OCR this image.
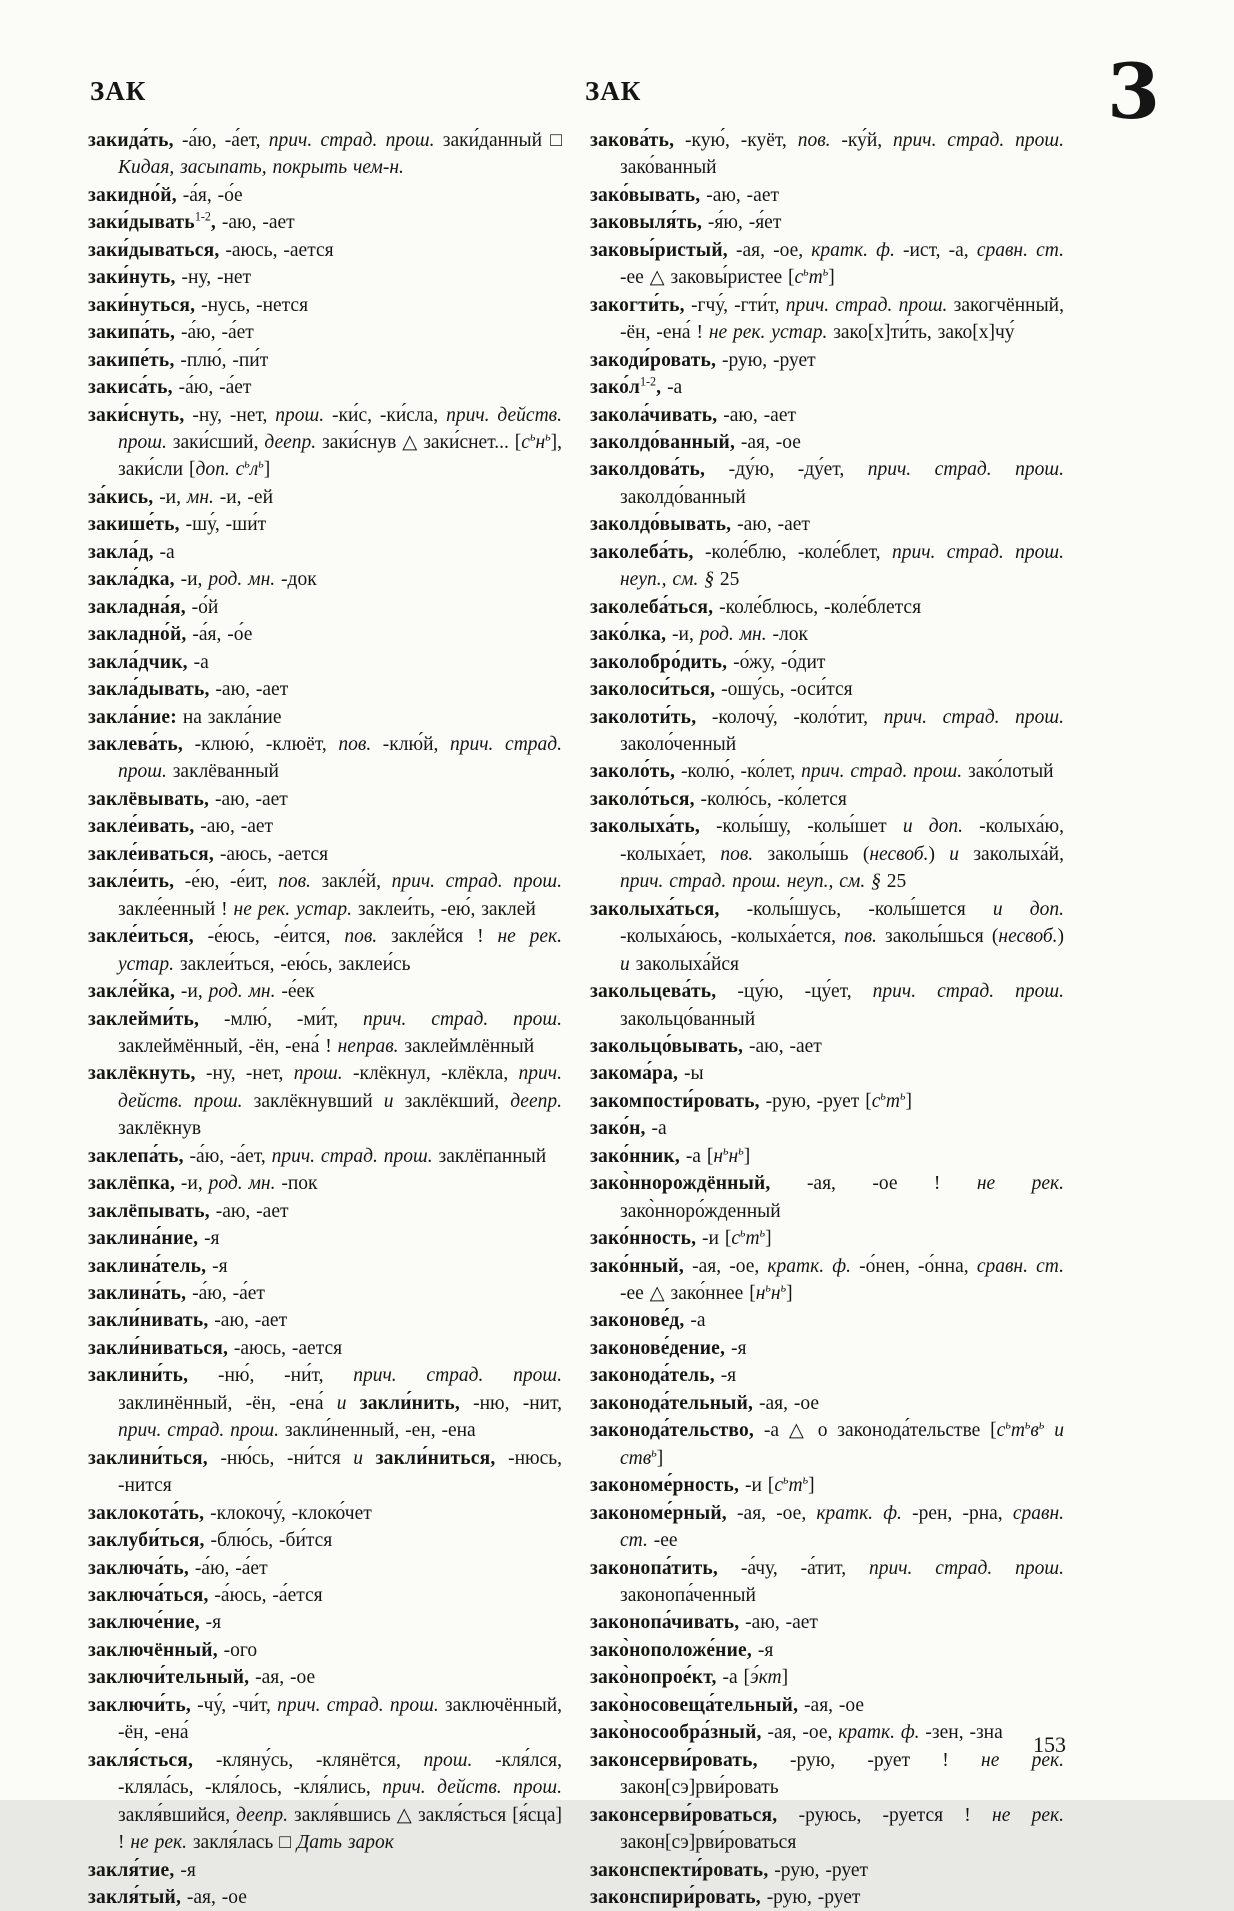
ЗАК	ЗАК	3

закида́ть, -а́ю, -а́ет, прич. страд. прош. заки́данный □ Кидая, засыпать, покрыть чем-н.

закидно́й, -а́я, -о́е

заки́дывать$^{1-2}$, -аю, -ает

заки́дываться, -аюсь, -ается

заки́нуть, -ну, -нет

заки́нуться, -нусь, -нется

закипа́ть, -а́ю, -а́ет

закипе́ть, -плю́, -пи́т

закиса́ть, -а́ю, -а́ет

заки́снуть, -ну, -нет, прош. -ки́с, -ки́сла, прич. действ. прош. заки́сший, деепр. заки́снув △ заки́снет... $[с^ьн^ь]$, заки́сли [доп. $с^ьл^ь$]

за́кись, -и, мн. -и, -ей

закише́ть, -шу́, -ши́т

закла́д, -а

закла́дка, -и, род. мн. -док

закладна́я, -о́й

закладно́й, -а́я, -о́е

закла́дчик, -а

закла́дывать, -аю, -ает

закла́ние: на закла́ние

заклева́ть, -клюю́, -клюёт, пов. -клю́й, прич. страд. прош. заклёванный

заклёвывать, -аю, -ает

закле́ивать, -аю, -ает

закле́иваться, -аюсь, -ается

закле́ить, -е́ю, -е́ит, пов. закле́й, прич. страд. прош. закле́енный ! не рек. устар. заклеи́ть, -ею́, заклей

закле́иться, -е́юсь, -е́ится, пов. закле́йся ! не рек. устар. заклеи́ться, -ею́сь, заклеи́сь

закле́йка, -и, род. мн. -е́ек

заклейми́ть, -млю́, -ми́т, прич. страд. прош. заклеймённый, -ён, -ена́ ! неправ. заклеймлённый

заклёкнуть, -ну, -нет, прош. -клёкнул, -клёкла, прич. действ. прош. заклёкнувший и заклёкший, деепр. заклёкнув

заклепа́ть, -а́ю, -а́ет, прич. страд. прош. заклёпанный

заклёпка, -и, род. мн. -пок

заклёпывать, -аю, -ает

заклина́ние, -я

заклина́тель, -я

заклина́ть, -а́ю, -а́ет

закли́нивать, -аю, -ает

закли́ниваться, -аюсь, -ается

заклини́ть, -ню́, -ни́т, прич. страд. прош. заклинённый, -ён, -ена́ и закли́нить, -ню, -нит, прич. страд. прош. закли́ненный, -ен, -ена

заклини́ться, -ню́сь, -ни́тся и закли́ниться, -нюсь, -нится

заклокота́ть, -клокочу́, -клоко́чет

заклуби́ться, -блю́сь, -би́тся

заключа́ть, -а́ю, -а́ет

заключа́ться, -а́юсь, -а́ется

заключе́ние, -я

заключённый, -ого

заключи́тельный, -ая, -ое

заключи́ть, -чу́, -чи́т, прич. страд. прош. заключённый, -ён, -ена́

закля́сться, -кляну́сь, -клянётся, прош. -кля́лся, -кляла́сь, -кля́лось, -кля́лись, прич. действ. прош. закля́вшийся, деепр. закля́вшись △ закля́сться [я́сца] ! не рек. закля́лась □ Дать зарок

закля́тие, -я

закля́тый, -ая, -ое

закова́ть, -кую́, -куёт, пов. -ку́й, прич. страд. прош. зако́ванный

зако́вывать, -аю, -ает

заковыля́ть, -я́ю, -я́ет

заковы́ристый, -ая, -ое, кратк. ф. -ист, -а, сравн. ст. -ее △ заковы́ристее $[с^ьт^ь]$

закогти́ть, -гчу́, -гти́т, прич. страд. прош. закогчённый, -ён, -ена́ ! не рек. устар. зако[х]ти́ть, зако[х]чу́

закоди́ровать, -рую, -рует

$зако́л^{1-2}$, -а

закола́чивать, -аю, -ает

заколдо́ванный, -ая, -ое

заколдова́ть, -ду́ю, -ду́ет, прич. страд. прош. заколдо́ванный

заколдо́вывать, -аю, -ает

заколеба́ть, -коле́блю, -коле́блет, прич. страд. прош. неуп., см. § 25

заколеба́ться, -коле́блюсь, -коле́блется

зако́лка, -и, род. мн. -лок

заколобро́дить, -о́жу, -о́дит

заколоси́ться, -ошу́сь, -оси́тся

заколоти́ть, -колочу́, -коло́тит, прич. страд. прош. заколо́ченный

заколо́ть, -колю́, -ко́лет, прич. страд. прош. зако́лотый

заколо́ться, -колю́сь, -ко́лется

заколыха́ть, -колы́шу, -колы́шет и доп. -колыха́ю, -колыха́ет, пов. заколы́шь (несвоб.) и заколыха́й, прич. страд. прош. неуп., см. § 25

заколыха́ться, -колы́шусь, -колы́шется и доп. -колыха́юсь, -колыха́ется, пов. заколы́шься (несвоб.) и заколыха́йся

закольцева́ть, -цу́ю, -цу́ет, прич. страд. прош. закольцо́ванный

закольцо́вывать, -аю, -ает

закома́ра, -ы

закомпости́ровать, -рую, -рует $[с^ьт^ь]$

зако́н, -а

зако́нник, -а $[н^ьн^ь]$

зако̀ннорождённый, -ая, -ое ! не рек. зако̀нноро́жденный

зако́нность, -и $[с^ьт^ь]$

зако́нный, -ая, -ое, кратк. ф. -о́нен, -о́нна, сравн. ст. -ее △ зако́ннее $[н^ьн^ь]$

законове́д, -а

законове́дение, -я

законода́тель, -я

законода́тельный, -ая, -ое

законода́тельство, -а △ о законода́тельстве [$с^ьт^ьв^ь$ и ств$^ь$]

закономе́рность, -и $[с^ьт^ь]$

закономе́рный, -ая, -ое, кратк. ф. -рен, -рна, сравн. ст. -ее

законопа́тить, -а́чу, -а́тит, прич. страд. прош. законопа́ченный

законопа́чивать, -аю, -ает

зако̀ноположе́ние, -я

зако̀нопрое́кт, -а [э́кт]

зако̀носовеща́тельный, -ая, -ое

зако̀носообра́зный, -ая, -ое, кратк. ф. -зен, -зна

законсерви́ровать, -рую, -рует ! не рек. закон[сэ]рви́ровать

законсерви́роваться, -руюсь, -руется ! не рек. закон[сэ]рви́роваться

законспекти́ровать, -рую, -рует

законспири́ровать, -рую, -рует

153
